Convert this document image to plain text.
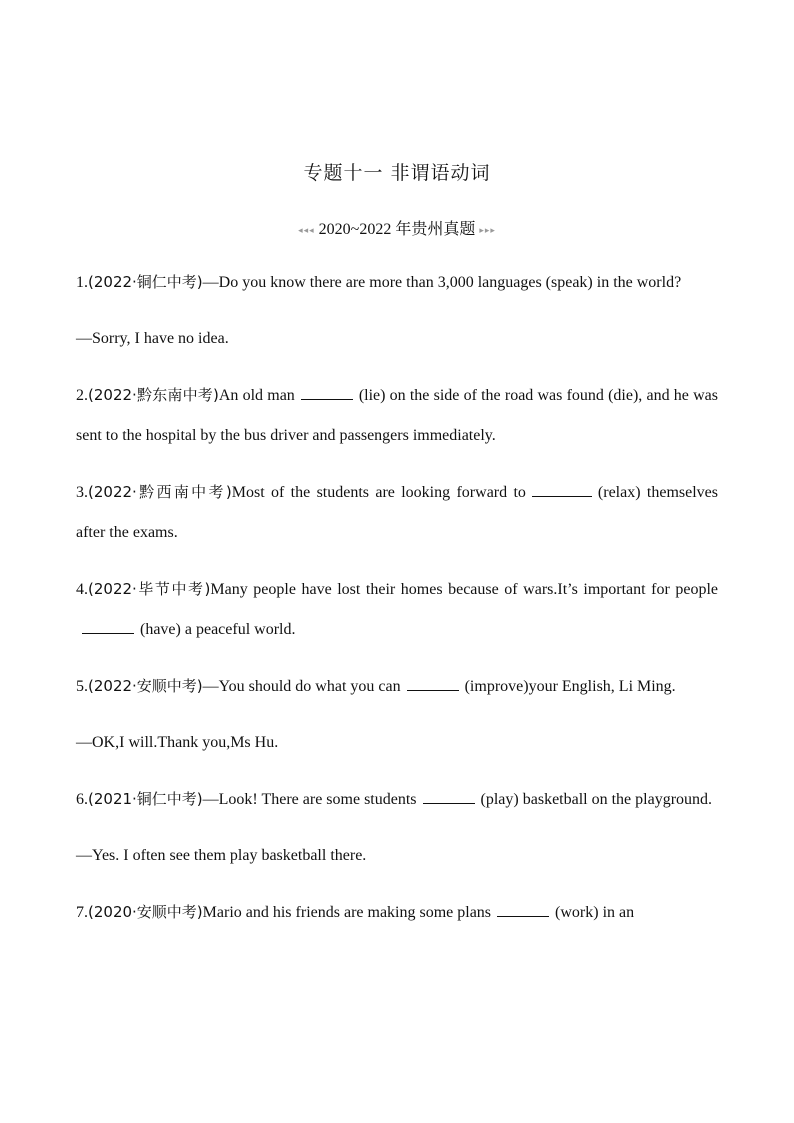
专题十一 非谓语动词
◂◂◂ 2020~2022 年贵州真题 ▸▸▸

1.(2022·铜仁中考)—Do you know there are more than 3,000 languages (speak) in the world?

—Sorry, I have no idea.

2.(2022·黔东南中考)An old man	(lie) on the side of the road was found (die), and he was sent to the hospital by the bus driver and passengers immediately.

3.(2022·黔西南中考)Most of the students are looking forward to	(relax) themselves after the exams.

4.(2022·毕节中考)Many people have lost their homes because of wars.It’s important for people(have) a peaceful world.

5.(2022·安顺中考)—You should do what you can	(improve)your English, Li Ming.

—OK,I will.Thank you,Ms Hu.

6.(2021·铜仁中考)—Look! There are some students	(play) basketball on the playground.

—Yes. I often see them play basketball there.

7.(2020·安顺中考)Mario and his friends are making some plans	(work) in an
